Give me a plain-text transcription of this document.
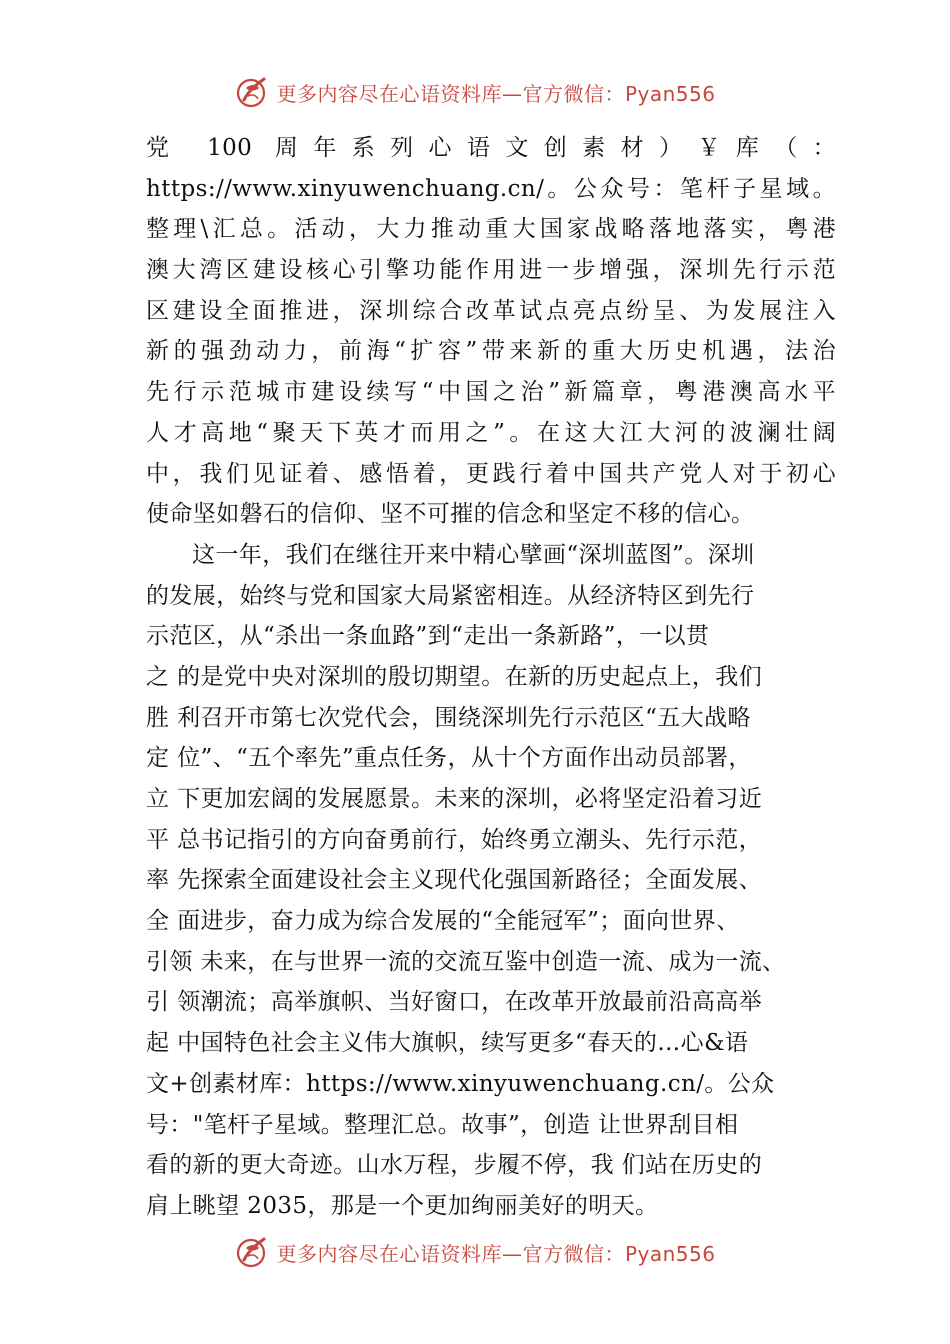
更多内容尽在心语资料库—官方微信：Pyan556
党 100 周年系列心语文创素材）￥库（：
https://www.xinyuwenchuang.cn/。公众号：笔杆子星域。
整理\汇总。活动，大力推动重大国家战略落地落实，粤港
澳大湾区建设核心引擎功能作用进一步增强，深圳先行示范
区建设全面推进，深圳综合改革试点亮点纷呈、为发展注入
新的强劲动力，前海“扩容”带来新的重大历史机遇，法治
先行示范城市建设续写“中国之治”新篇章，粤港澳高水平
人才高地“聚天下英才而用之”。在这大江大河的波澜壮阔
中，我们见证着、感悟着，更践行着中国共产党人对于初心
使命坚如磐石的信仰、坚不可摧的信念和坚定不移的信心。
这一年，我们在继往开来中精心擘画“深圳蓝图”。深圳
的发展，始终与党和国家大局紧密相连。从经济特区到先行
示范区，从“杀出一条血路”到“走出一条新路”，一以贯
之 的是党中央对深圳的殷切期望。在新的历史起点上，我们
胜 利召开市第七次党代会，围绕深圳先行示范区“五大战略
定 位”、“五个率先”重点任务，从十个方面作出动员部署，
立 下更加宏阔的发展愿景。未来的深圳，必将坚定沿着习近
平 总书记指引的方向奋勇前行，始终勇立潮头、先行示范，
率 先探索全面建设社会主义现代化强国新路径；全面发展、
全 面进步，奋力成为综合发展的“全能冠军”；面向世界、
引领 未来，在与世界一流的交流互鉴中创造一流、成为一流、
引 领潮流；高举旗帜、当好窗口，在改革开放最前沿高高举
起 中国特色社会主义伟大旗帜，续写更多“春天的…心&语
文+创素材库：https://www.xinyuwenchuang.cn/。公众
号："笔杆子星域。整理汇总。故事”，创造 让世界刮目相
看的新的更大奇迹。山水万程，步履不停，我 们站在历史的
肩上眺望 2035，那是一个更加绚丽美好的明天。
更多内容尽在心语资料库—官方微信：Pyan556
